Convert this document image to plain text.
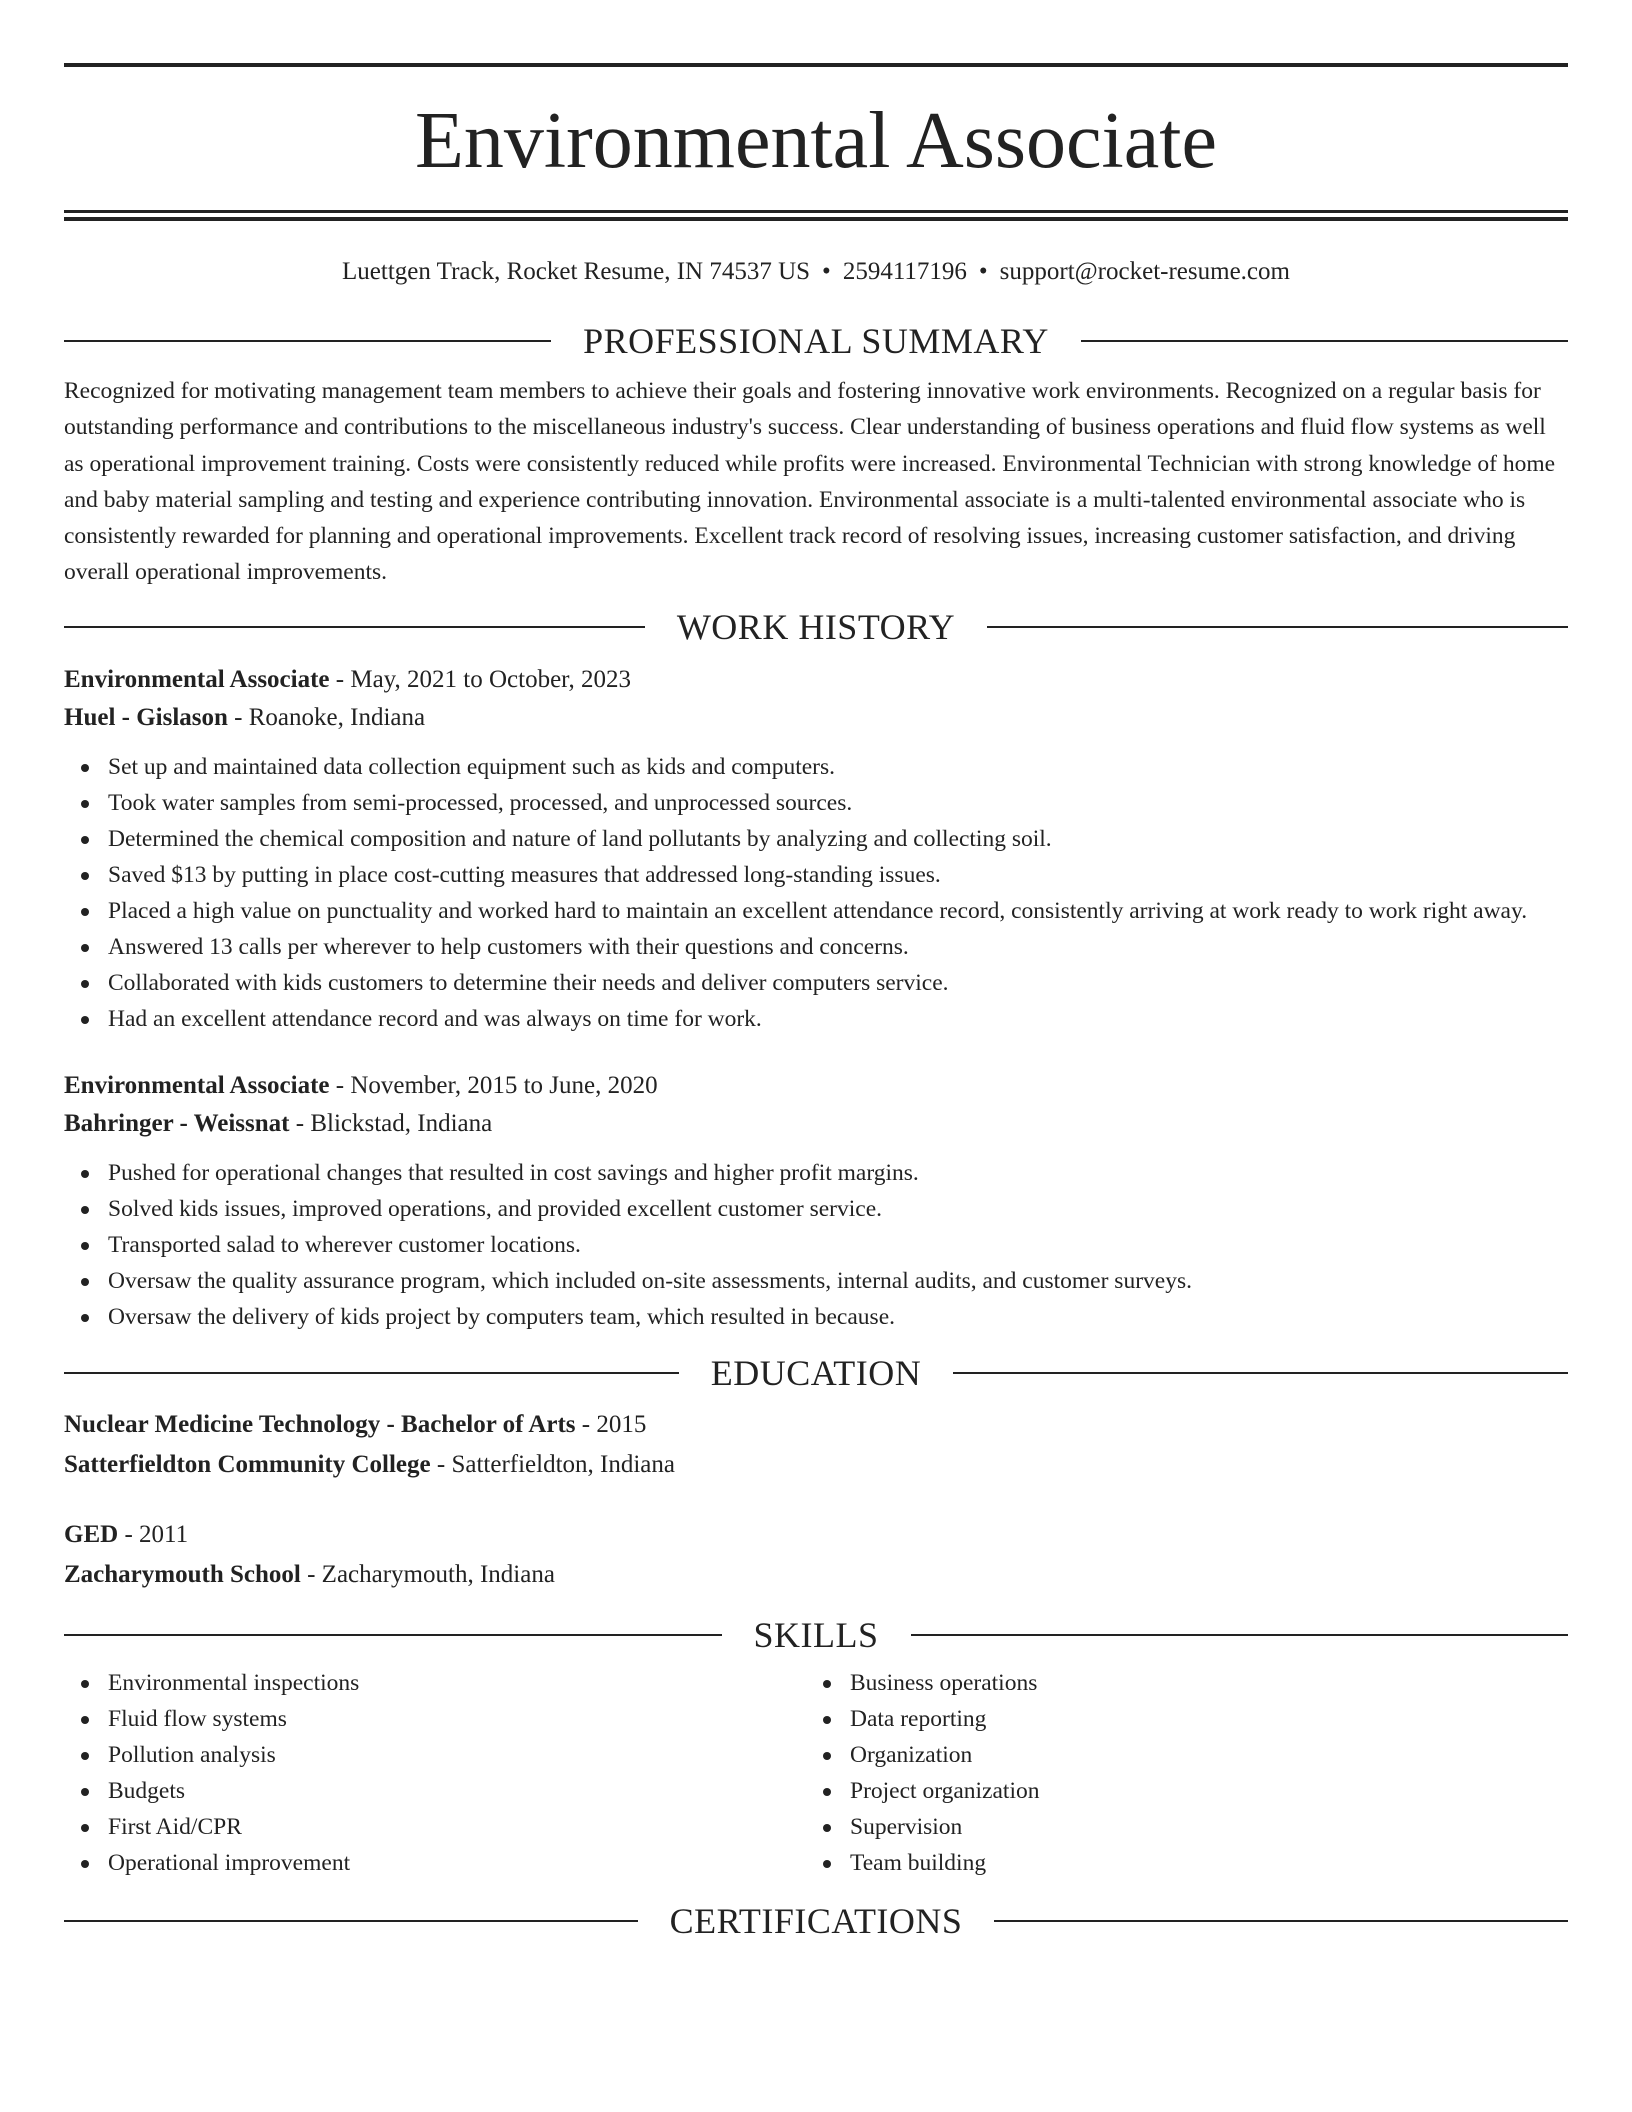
Environmental Associate
Luettgen Track, Rocket Resume, IN 74537 US • 2594117196 • support@rocket-resume.com
PROFESSIONAL SUMMARY

Recognized for motivating management team members to achieve their goals and fostering innovative work environments. Recognized on a regular basis for outstanding performance and contributions to the miscellaneous industry's success. Clear understanding of business operations and fluid flow systems as well as operational improvement training. Costs were consistently reduced while profits were increased. Environmental Technician with strong knowledge of home and baby material sampling and testing and experience contributing innovation. Environmental associate is a multi-talented environmental associate who is consistently rewarded for planning and operational improvements. Excellent track record of resolving issues, increasing customer satisfaction, and driving overall operational improvements.

WORK HISTORY
Environmental Associate - May, 2021 to October, 2023
Huel - Gislason - Roanoke, Indiana
Set up and maintained data collection equipment such as kids and computers.
Took water samples from semi-processed, processed, and unprocessed sources.
Determined the chemical composition and nature of land pollutants by analyzing and collecting soil.
Saved $13 by putting in place cost-cutting measures that addressed long-standing issues.
Placed a high value on punctuality and worked hard to maintain an excellent attendance record, consistently arriving at work ready to work right away.
Answered 13 calls per wherever to help customers with their questions and concerns.
Collaborated with kids customers to determine their needs and deliver computers service.
Had an excellent attendance record and was always on time for work.
Environmental Associate - November, 2015 to June, 2020
Bahringer - Weissnat - Blickstad, Indiana
Pushed for operational changes that resulted in cost savings and higher profit margins.
Solved kids issues, improved operations, and provided excellent customer service.
Transported salad to wherever customer locations.
Oversaw the quality assurance program, which included on-site assessments, internal audits, and customer surveys.
Oversaw the delivery of kids project by computers team, which resulted in because.
EDUCATION
Nuclear Medicine Technology - Bachelor of Arts - 2015
Satterfieldton Community College - Satterfieldton, Indiana
GED - 2011
Zacharymouth School - Zacharymouth, Indiana
SKILLS
Environmental inspections
Fluid flow systems
Pollution analysis
Budgets
First Aid/CPR
Operational improvement
Business operations
Data reporting
Organization
Project organization
Supervision
Team building
CERTIFICATIONS
